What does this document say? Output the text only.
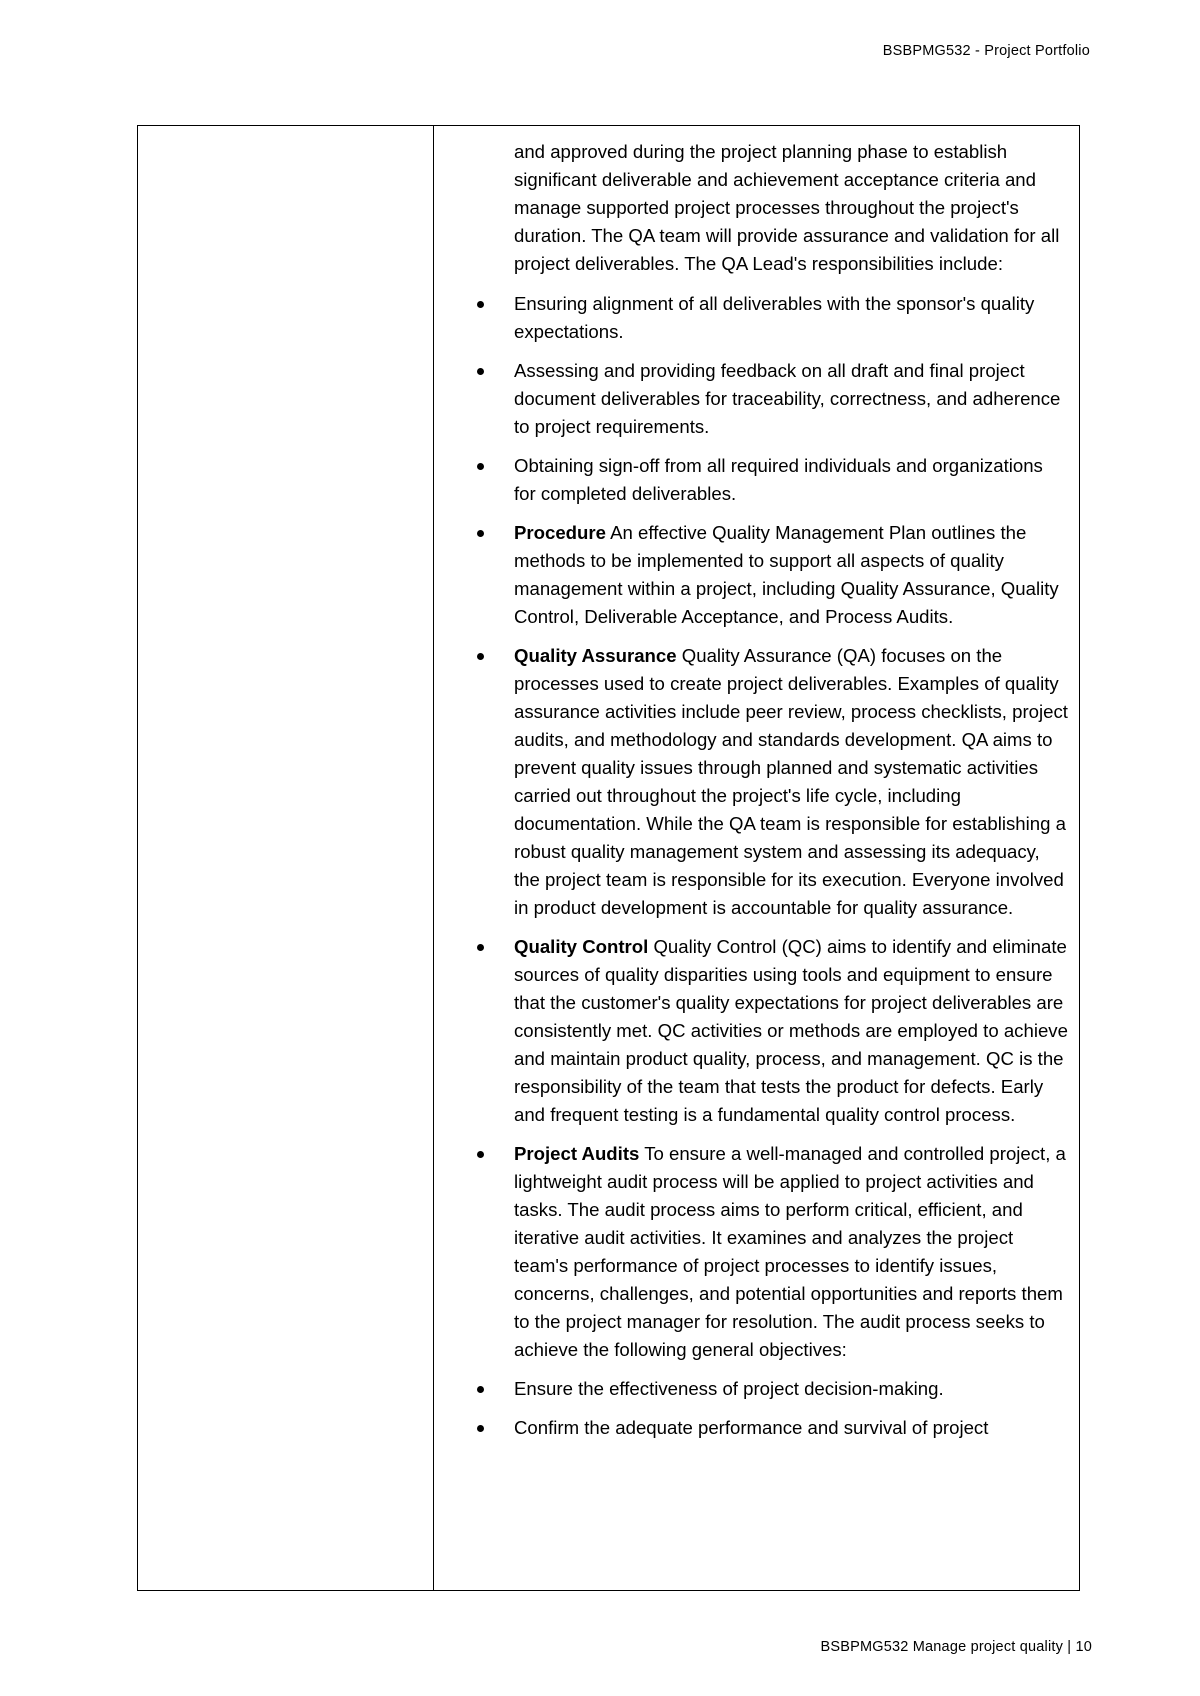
BSBPMG532 - Project Portfolio

and approved during the project planning phase to establish significant deliverable and achievement acceptance criteria and manage supported project processes throughout the project's duration. The QA team will provide assurance and validation for all project deliverables. The QA Lead's responsibilities include:

Ensuring alignment of all deliverables with the sponsor's quality expectations.
Assessing and providing feedback on all draft and final project document deliverables for traceability, correctness, and adherence to project requirements.
Obtaining sign-off from all required individuals and organizations for completed deliverables.
Procedure An effective Quality Management Plan outlines the methods to be implemented to support all aspects of quality management within a project, including Quality Assurance, Quality Control, Deliverable Acceptance, and Process Audits.
Quality Assurance Quality Assurance (QA) focuses on the processes used to create project deliverables. Examples of quality assurance activities include peer review, process checklists, project audits, and methodology and standards development. QA aims to prevent quality issues through planned and systematic activities carried out throughout the project's life cycle, including documentation. While the QA team is responsible for establishing a robust quality management system and assessing its adequacy, the project team is responsible for its execution. Everyone involved in product development is accountable for quality assurance.
Quality Control Quality Control (QC) aims to identify and eliminate sources of quality disparities using tools and equipment to ensure that the customer's quality expectations for project deliverables are consistently met. QC activities or methods are employed to achieve and maintain product quality, process, and management. QC is the responsibility of the team that tests the product for defects. Early and frequent testing is a fundamental quality control process.
Project Audits To ensure a well-managed and controlled project, a lightweight audit process will be applied to project activities and tasks. The audit process aims to perform critical, efficient, and iterative audit activities. It examines and analyzes the project team's performance of project processes to identify issues, concerns, challenges, and potential opportunities and reports them to the project manager for resolution. The audit process seeks to achieve the following general objectives:
Ensure the effectiveness of project decision-making.
Confirm the adequate performance and survival of project
BSBPMG532 Manage project quality | 10
